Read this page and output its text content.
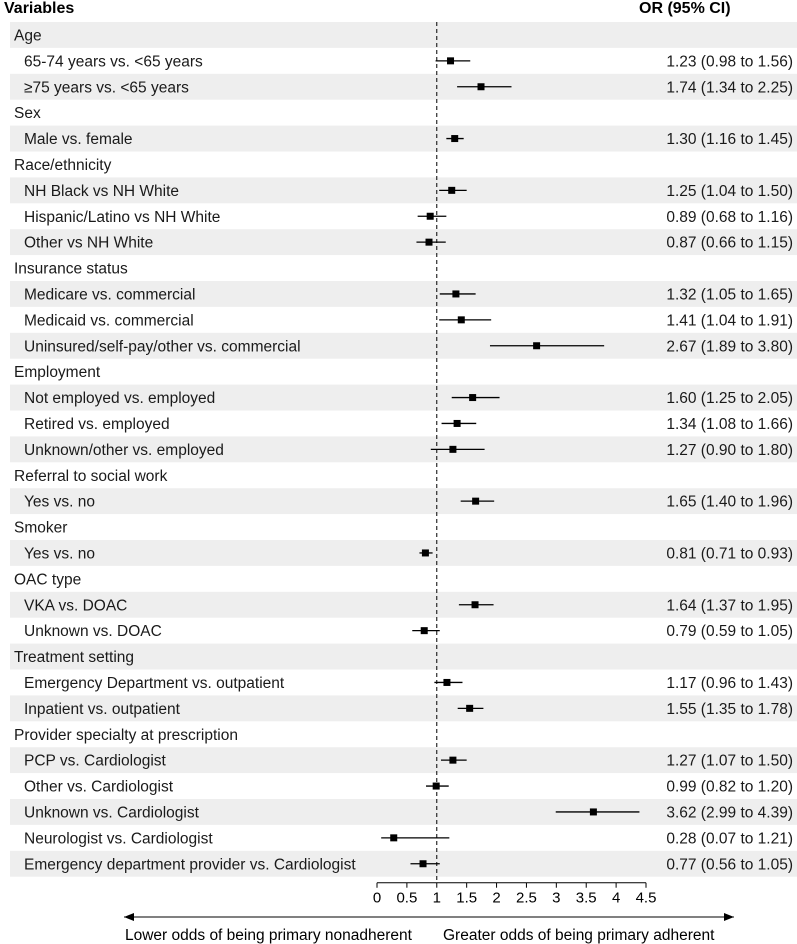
Variables	OR (95% CI)
Age
65-74 years vs. <65 years	1.23 (0.98 to 1.56)
≥75 years vs. <65 years	1.74 (1.34 to 2.25)
Sex
Male vs. female	1.30 (1.16 to 1.45)
Race/ethnicity
NH Black vs NH White	1.25 (1.04 to 1.50)
Hispanic/Latino vs NH White	0.89 (0.68 to 1.16)
Other vs NH White	0.87 (0.66 to 1.15)
Insurance status
Medicare vs. commercial	1.32 (1.05 to 1.65)
Medicaid vs. commercial	1.41 (1.04 to 1.91)
Uninsured/self-pay/other vs. commercial	2.67 (1.89 to 3.80)
Employment
Not employed vs. employed	1.60 (1.25 to 2.05)
Retired vs. employed	1.34 (1.08 to 1.66)
Unknown/other vs. employed	1.27 (0.90 to 1.80)
Referral to social work
Yes vs. no	1.65 (1.40 to 1.96)
Smoker
Yes vs. no	0.81 (0.71 to 0.93)
OAC type
VKA vs. DOAC	1.64 (1.37 to 1.95)
Unknown vs. DOAC	0.79 (0.59 to 1.05)
Treatment setting
Emergency Department vs. outpatient	1.17 (0.96 to 1.43)
Inpatient vs. outpatient	1.55 (1.35 to 1.78)
Provider specialty at prescription
PCP vs. Cardiologist	1.27 (1.07 to 1.50)
Other vs. Cardiologist	0.99 (0.82 to 1.20)
Unknown vs. Cardiologist	3.62 (2.99 to 4.39)
Neurologist vs. Cardiologist	0.28 (0.07 to 1.21)
Emergency department provider vs. Cardiologist	0.77 (0.56 to 1.05)
0 0.5 1 1.5 2 2.5 3 3.5 4 4.5
Lower odds of being primary nonadherent Greater odds of being primary adherent
